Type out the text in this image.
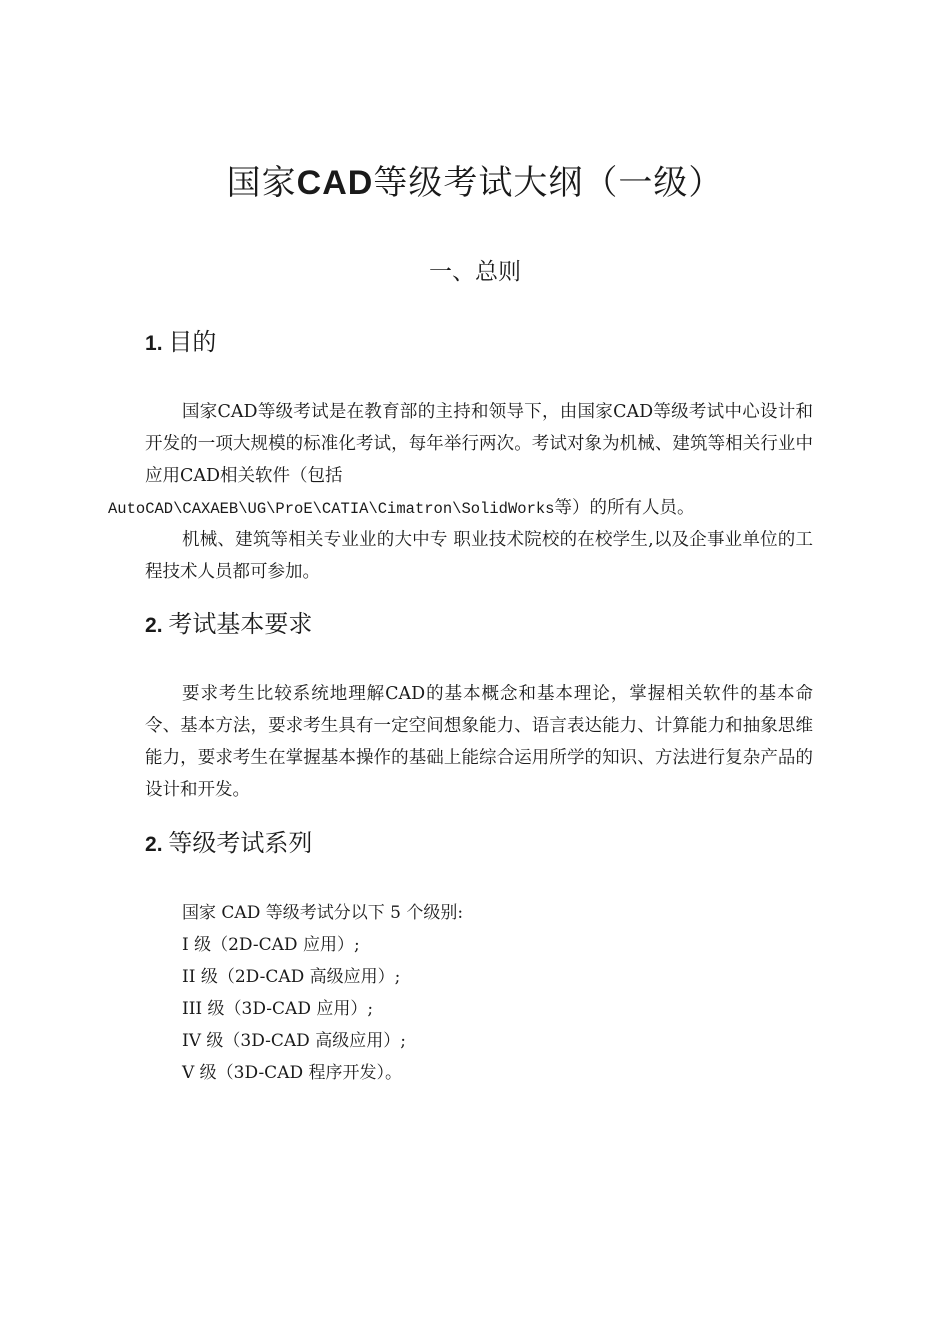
国家CAD等级考试大纲（一级）
一、总则
1. 目的
国家CAD等级考试是在教育部的主持和领导下，由国家CAD等级考试中心设计和开发的一项大规模的标准化考试，每年举行两次。考试对象为机械、建筑等相关行业中应用CAD相关软件（包括
AutoCAD\CAXAEB\UG\ProE\CATIA\Cimatron\SolidWorks等）的所有人员。
机械、建筑等相关专业业的大中专 职业技术院校的在校学生,以及企事业单位的工程技术人员都可参加。
2. 考试基本要求
要求考生比较系统地理解CAD的基本概念和基本理论，掌握相关软件的基本命令、基本方法，要求考生具有一定空间想象能力、语言表达能力、计算能力和抽象思维能力，要求考生在掌握基本操作的基础上能综合运用所学的知识、方法进行复杂产品的设计和开发。
2. 等级考试系列
国家 CAD 等级考试分以下 5 个级别:
I 级（2D-CAD 应用）;
II 级（2D-CAD 高级应用）;
III 级（3D-CAD 应用）;
IV 级（3D-CAD 高级应用）;
V 级（3D-CAD 程序开发）。
